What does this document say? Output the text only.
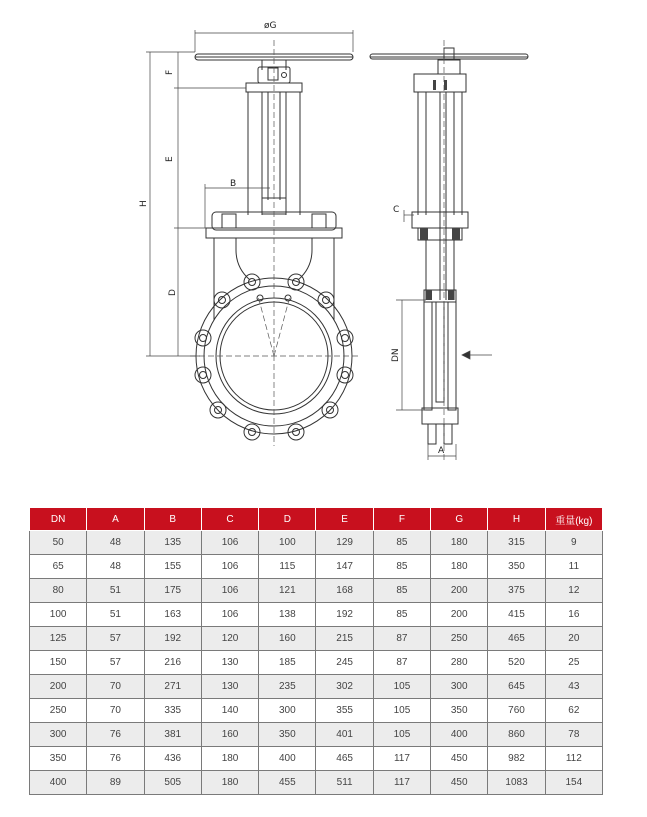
øG
F
E
B
H
D
C
DN
A
DN	A	B	C	D	E	F	G	H	重量(kg)
50	48	135	106	100	129	85	180	315	9
65	48	155	106	115	147	85	180	350	11
80	51	175	106	121	168	85	200	375	12
100	51	163	106	138	192	85	200	415	16
125	57	192	120	160	215	87	250	465	20
150	57	216	130	185	245	87	280	520	25
200	70	271	130	235	302	105	300	645	43
250	70	335	140	300	355	105	350	760	62
300	76	381	160	350	401	105	400	860	78
350	76	436	180	400	465	117	450	982	112
400	89	505	180	455	511	117	450	1083	154
